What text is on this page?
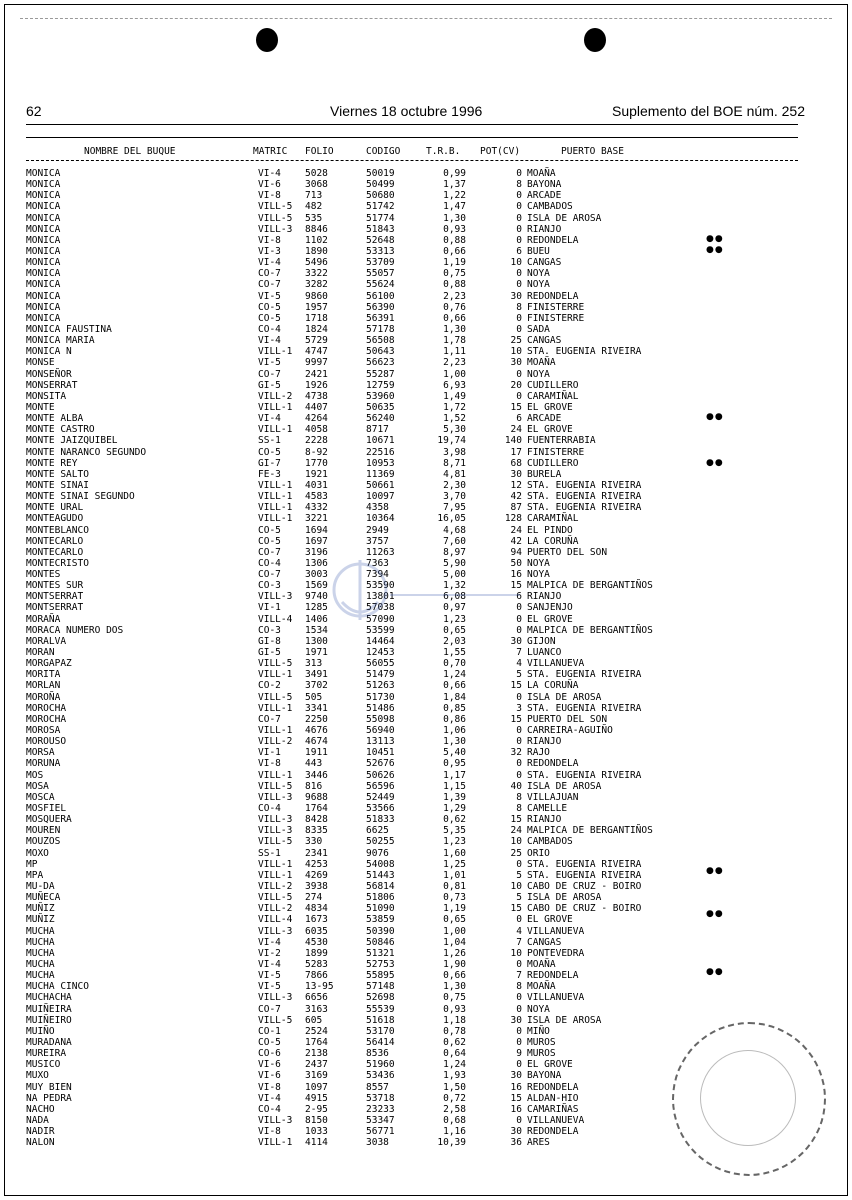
62	Viernes 18 octubre 1996	Suplemento del BOE núm. 252
NOMBRE DEL BUQUE	MATRIC FOLIO	CODIGO	T.R.B. POT(CV)	PUERTO BASE
MONICA	VI-4	5028	50019	0,99	0 MOAÑA
MONICA	VI-6	3068	50499	1,37	8 BAYONA
MONICA	VI-8	713	50680	1,22	0 ARCADE
MONICA	VILL-5 482	51742	1,47	0 CAMBADOS
MONICA	VILL-5 535	51774	1,30	0 ISLA DE AROSA
MONICA	VILL-3 8846	51843	0,93	0 RIANJO
MONICA	VI-8	1102	52648	0,88	0 REDONDELA
MONICA	VI-3	1890	53313	0,66	6 BUEU
MONICA	VI-4	5496	53709	1,19	10 CANGAS
MONICA	CO-7	3322	55057	0,75	0 NOYA
MONICA	CO-7	3282	55624	0,88	0 NOYA
MONICA	VI-5	9860	56100	2,23	30 REDONDELA
MONICA	CO-5	1957	56390	0,76	8 FINISTERRE
MONICA	CO-5	1718	56391	0,66	0 FINISTERRE
MONICA FAUSTINA	CO-4	1824	57178	1,30	0 SADA
MONICA MARIA	VI-4	5729	56508	1,78	25 CANGAS
MONICA N	VILL-1 4747	50643	1,11	10 STA. EUGENIA RIVEIRA
MONSE	VI-5	9997	56623	2,23	30 MOAÑA
MONSEÑOR	CO-7	2421	55287	1,00	0 NOYA
MONSERRAT	GI-5	1926	12759	6,93	20 CUDILLERO
MONSITA	VILL-2 4738	53960	1,49	0 CARAMIÑAL
MONTE	VILL-1 4407	50635	1,72	15 EL GROVE
MONTE ALBA	VI-4	4264	56240	1,52	6 ARCADE
MONTE CASTRO	VILL-1 4058	8717	5,30	24 EL GROVE
MONTE JAIZQUIBEL	SS-1	2228	10671	19,74	140 FUENTERRABIA
MONTE NARANCO SEGUNDO	CO-5	8-92	22516	3,98	17 FINISTERRE
MONTE REY	GI-7	1770	10953	8,71	68 CUDILLERO
MONTE SALTO	FE-3	1921	11369	4,81	30 BURELA
MONTE SINAI	VILL-1 4031	50661	2,30	12 STA. EUGENIA RIVEIRA
MONTE SINAI SEGUNDO	VILL-1 4583	10097	3,70	42 STA. EUGENIA RIVEIRA
MONTE URAL	VILL-1 4332	4358	7,95	87 STA. EUGENIA RIVEIRA
MONTEAGUDO	VILL-1 3221	10364	16,05	128 CARAMIÑAL
MONTEBLANCO	CO-5	1694	2949	4,68	24 EL PINDO
MONTECARLO	CO-5	1697	3757	7,60	42 LA CORUÑA
MONTECARLO	CO-7	3196	11263	8,97	94 PUERTO DEL SON
MONTECRISTO	CO-4	1306	7363	5,90	50 NOYA
MONTES	CO-7	3003	7394	5,00	16 NOYA
MONTES SUR	CO-3	1569	53590	1,32	15 MALPICA DE BERGANTIÑOS
MONTSERRAT	VILL-3 9740	13801	6,08	6 RIANJO
MONTSERRAT	VI-1	1285	57038	0,97	0 SANJENJO
MORAÑA	VILL-4 1406	57090	1,23	0 EL GROVE
MORACA NUMERO DOS	CO-3	1534	53599	0,65	0 MALPICA DE BERGANTIÑOS
MORALVA	GI-8	1300	14464	2,03	30 GIJON
MORAN	GI-5	1971	12453	1,55	7 LUANCO
MORGAPAZ	VILL-5 313	56055	0,70	4 VILLANUEVA
MORITA	VILL-1 3491	51479	1,24	5 STA. EUGENIA RIVEIRA
MORLAN	CO-2	3702	51263	0,66	15 LA CORUÑA
MOROÑA	VILL-5 505	51730	1,84	0 ISLA DE AROSA
MOROCHA	VILL-1 3341	51486	0,85	3 STA. EUGENIA RIVEIRA
MOROCHA	CO-7	2250	55098	0,86	15 PUERTO DEL SON
MOROSA	VILL-1 4676	56940	1,06	0 CARREIRA-AGUIÑO
MOROUSO	VILL-2 4674	13113	1,30	0 RIANJO
MORSA	VI-1	1911	10451	5,40	32 RAJO
MORUNA	VI-8	443	52676	0,95	0 REDONDELA
MOS	VILL-1 3446	50626	1,17	0 STA. EUGENIA RIVEIRA
MOSA	VILL-5 816	56596	1,15	40 ISLA DE AROSA
MOSCA	VILL-3 9688	52449	1,39	8 VILLAJUAN
MOSFIEL	CO-4	1764	53566	1,29	8 CAMELLE
MOSQUERA	VILL-3 8428	51833	0,62	15 RIANJO
MOUREN	VILL-3 8335	6625	5,35	24 MALPICA DE BERGANTIÑOS
MOUZOS	VILL-5 330	50255	1,23	10 CAMBADOS
MOXO	SS-1	2341	9076	1,60	25 ORIO
MP	VILL-1 4253	54008	1,25	0 STA. EUGENIA RIVEIRA
MPA	VILL-1 4269	51443	1,01	5 STA. EUGENIA RIVEIRA
MU-DA	VILL-2 3938	56814	0,81	10 CABO DE CRUZ - BOIRO
MUÑECA	VILL-5 274	51806	0,73	5 ISLA DE AROSA
MUÑIZ	VILL-2 4834	51090	1,19	15 CABO DE CRUZ - BOIRO
MUÑIZ	VILL-4 1673	53859	0,65	0 EL GROVE
MUCHA	VILL-3 6035	50390	1,00	4 VILLANUEVA
MUCHA	VI-4	4530	50846	1,04	7 CANGAS
MUCHA	VI-2	1899	51321	1,26	10 PONTEVEDRA
MUCHA	VI-4	5283	52753	1,90	0 MOAÑA
MUCHA	VI-5	7866	55895	0,66	7 REDONDELA
MUCHA CINCO	VI-5	13-95	57148	1,30	8 MOAÑA
MUCHACHA	VILL-3 6656	52698	0,75	0 VILLANUEVA
MUIÑEIRA	CO-7	3163	55539	0,93	0 NOYA
MUIÑEIRO	VILL-5 605	51618	1,18	30 ISLA DE AROSA
MUIÑO	CO-1	2524	53170	0,78	0 MIÑO
MURADANA	CO-5	1764	56414	0,62	0 MUROS
MUREIRA	CO-6	2138	8536	0,64	9 MUROS
MUSICO	VI-6	2437	51960	1,24	0 EL GROVE
MUXO	VI-6	3169	53436	1,93	30 BAYONA
MUY BIEN	VI-8	1097	8557	1,50	16 REDONDELA
NA PEDRA	VI-4	4915	53718	0,72	15 ALDAN-HIO
NACHO	CO-4	2-95	23233	2,58	16 CAMARIÑAS
NADA	VILL-3 8150	53347	0,68	0 VILLANUEVA
NADIR	VI-8	1033	56771	1,16	30 REDONDELA
NALON	VILL-1 4114	3038	10,39	36 ARES
●●
●●
●●
●●
●●
●●
●●
